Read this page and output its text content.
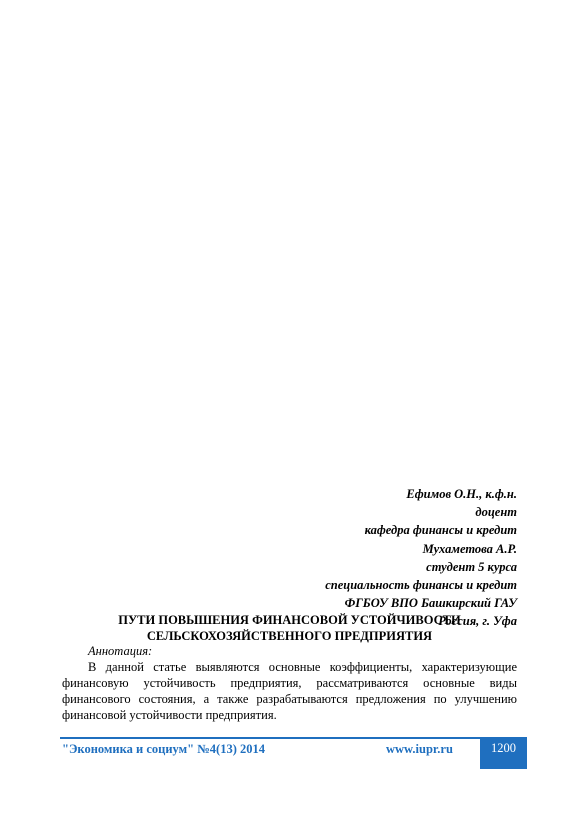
Ефимов О.Н., к.ф.н.
доцент
кафедра финансы и кредит
Мухаметова А.Р.
студент 5 курса
специальность финансы и кредит
ФГБОУ ВПО Башкирский ГАУ
Россия, г. Уфа
ПУТИ ПОВЫШЕНИЯ ФИНАНСОВОЙ УСТОЙЧИВОСТИ
СЕЛЬСКОХОЗЯЙСТВЕННОГО ПРЕДПРИЯТИЯ
Аннотация:
В данной статье выявляются основные коэффициенты, характеризующие финансовую устойчивость предприятия, рассматриваются основные виды финансового состояния, а также разрабатываются предложения по улучшению финансовой устойчивости предприятия.
"Экономика и социум" №4(13) 2014	www.iupr.ru	1200
